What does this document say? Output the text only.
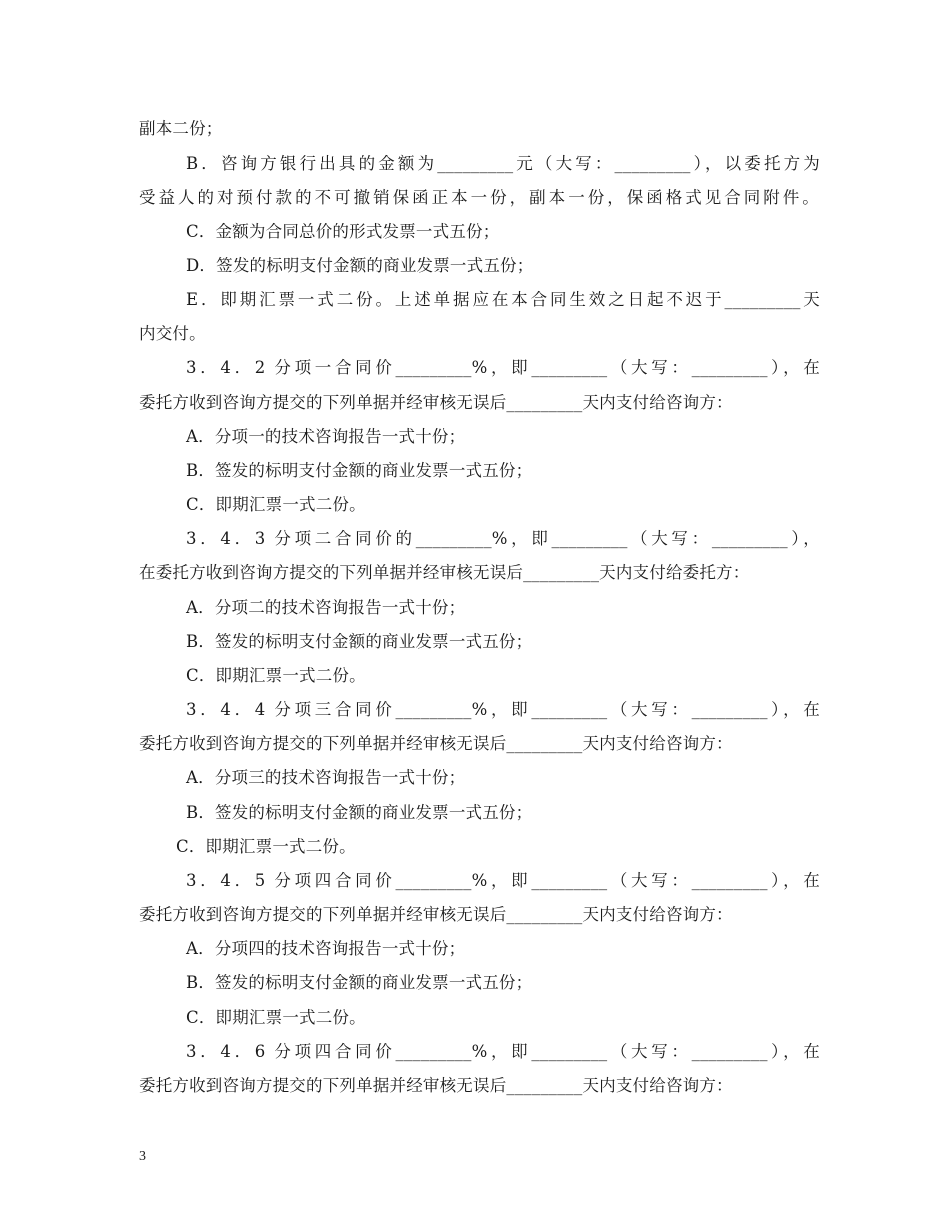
副本二份；
B．咨询方银行出具的金额为_________元（大写：_________），以委托方为
受益人的对预付款的不可撤销保函正本一份，副本一份，保函格式见合同附件。
C．金额为合同总价的形式发票一式五份；
D．签发的标明支付金额的商业发票一式五份；
E．即期汇票一式二份。上述单据应在本合同生效之日起不迟于_________天
内交付。
3．4．2 分项一合同价_________%，即_________（大写：_________），在
委托方收到咨询方提交的下列单据并经审核无误后_________天内支付给咨询方：
A．分项一的技术咨询报告一式十份；
B．签发的标明支付金额的商业发票一式五份；
C．即期汇票一式二份。
3．4．3 分项二合同价的_________%，即_________（大写：_________），
在委托方收到咨询方提交的下列单据并经审核无误后_________天内支付给委托方：
A．分项二的技术咨询报告一式十份；
B．签发的标明支付金额的商业发票一式五份；
C．即期汇票一式二份。
3．4．4 分项三合同价_________%，即_________（大写：_________），在
委托方收到咨询方提交的下列单据并经审核无误后_________天内支付给咨询方：
A．分项三的技术咨询报告一式十份；
B．签发的标明支付金额的商业发票一式五份；
C．即期汇票一式二份。
3．4．5 分项四合同价_________%，即_________（大写：_________），在
委托方收到咨询方提交的下列单据并经审核无误后_________天内支付给咨询方：
A．分项四的技术咨询报告一式十份；
B．签发的标明支付金额的商业发票一式五份；
C．即期汇票一式二份。
3．4．6 分项四合同价_________%，即_________（大写：_________），在
委托方收到咨询方提交的下列单据并经审核无误后_________天内支付给咨询方：
3
